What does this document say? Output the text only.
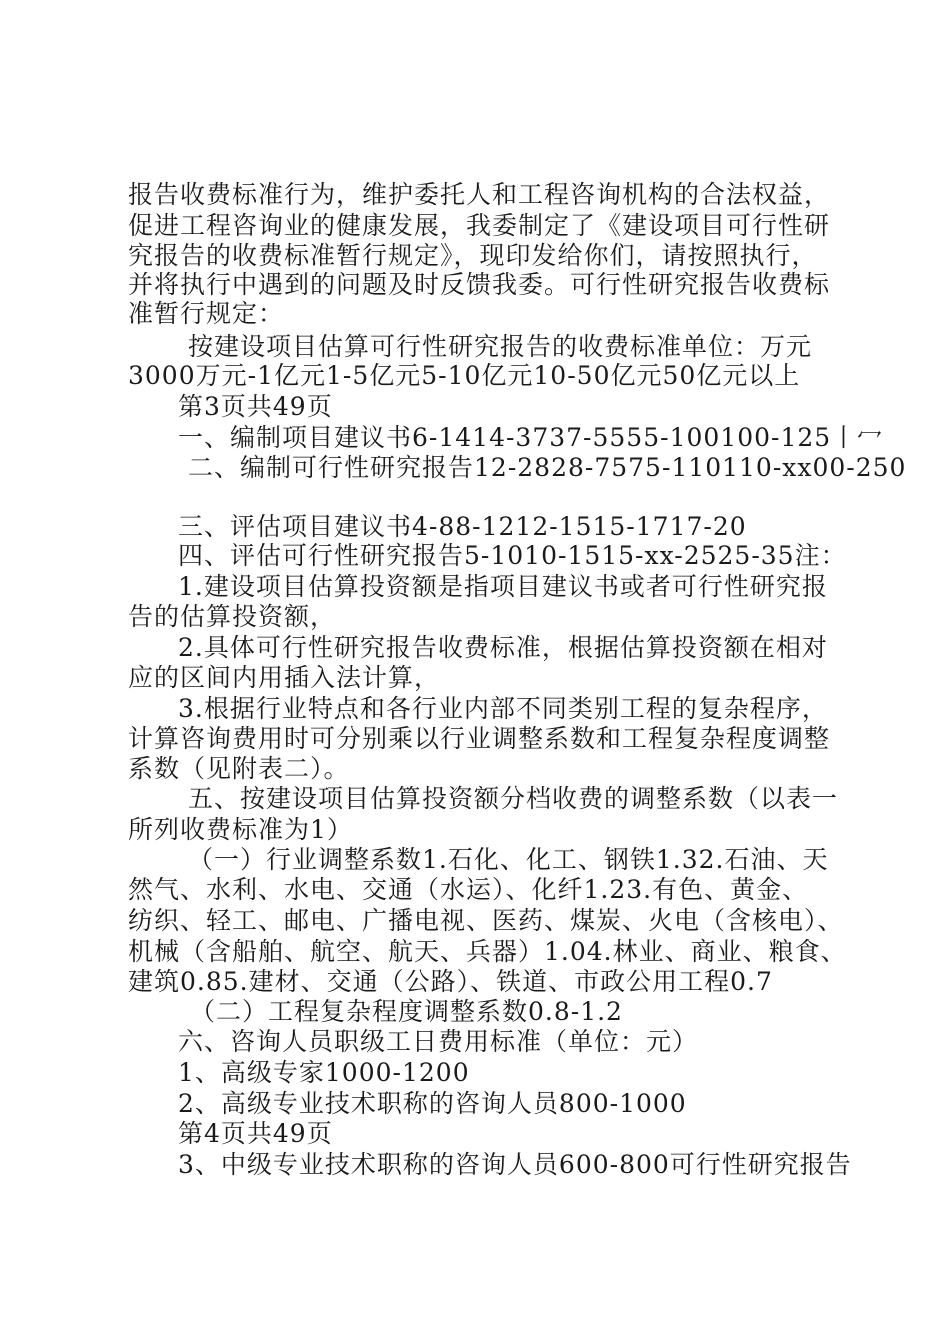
报告收费标准行为，维护委托人和工程咨询机构的合法权益，
促进工程咨询业的健康发展，我委制定了《建设项目可行性研
究报告的收费标准暂行规定》，现印发给你们，请按照执行，
并将执行中遇到的问题及时反馈我委。可行性研究报告收费标
准暂行规定：
按建设项目估算可行性研究报告的收费标准单位：万元
3000万元-1亿元1-5亿元5-10亿元10-50亿元50亿元以上
第3页共49页
一、编制项目建议书6-1414-3737-5555-100100-125丨冖
二、编制可行性研究报告12-2828-7575-110110-xx00-250
三、评估项目建议书4-88-1212-1515-1717-20
四、评估可行性研究报告5-1010-1515-xx-2525-35注：
1.建设项目估算投资额是指项目建议书或者可行性研究报
告的估算投资额，
2.具体可行性研究报告收费标准，根据估算投资额在相对
应的区间内用插入法计算，
3.根据行业特点和各行业内部不同类别工程的复杂程序，
计算咨询费用时可分别乘以行业调整系数和工程复杂程度调整
系数（见附表二）。
五、按建设项目估算投资额分档收费的调整系数（以表一
所列收费标准为1）
（一）行业调整系数1.石化、化工、钢铁1.32.石油、天
然气、水利、水电、交通（水运）、化纤1.23.有色、黄金、
纺织、轻工、邮电、广播电视、医药、煤炭、火电（含核电）、
机械（含船舶、航空、航天、兵器）1.04.林业、商业、粮食、
建筑0.85.建材、交通（公路）、铁道、市政公用工程0.7
（二）工程复杂程度调整系数0.8-1.2
六、咨询人员职级工日费用标准（单位：元）
1、高级专家1000-1200
2、高级专业技术职称的咨询人员800-1000
第4页共49页
3、中级专业技术职称的咨询人员600-800可行性研究报告
